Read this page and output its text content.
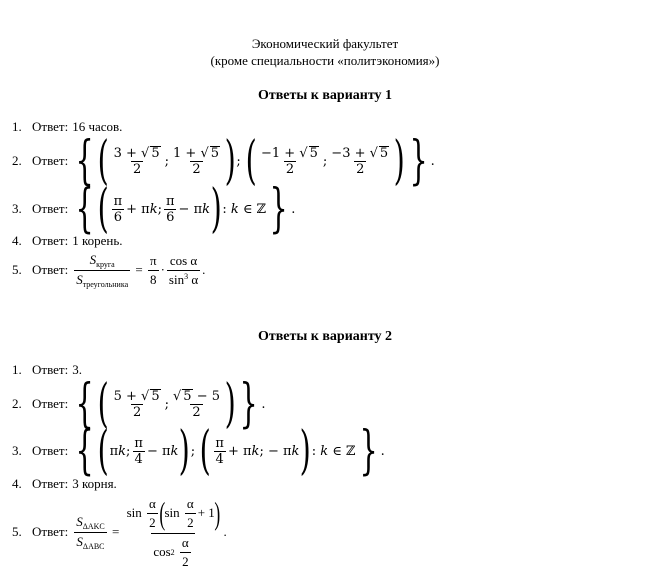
Экономический факультет
(кроме специальности «политэкономия»)
Ответы к варианту 1
1. Ответ: 16 часов.
2. Ответ: { ( $\frac{3 + √ 5}{2}$ ; $\frac{1 + √ 5}{2}$ ) ; ( $\frac{-1 + √ 5}{2}$ ; $\frac{-3 + √ 5}{2}$ ) } .
3. Ответ: { ( $\frac{\pi}{6} + \pi$ k ; $\frac{\pi}{6} - \pi$ k ) : k ∈ ℤ } .
4. Ответ: 1 корень.
5. Ответ: $\frac{S_{круга}}{S_{треугольника}} = \frac{\pi}{8} \cdot \frac{\text{cos α}}{\sin^3 \alpha}$ .
Ответы к варианту 2
1. Ответ: 3.
2. Ответ: { ( $\frac{5 + √ 5}{2}$ ; $\frac{√ 5 - 5}{2}$ ) } .
3. Ответ: { ( π k ; $\frac{\pi}{4} - \pi$ k ) ; ( $\frac{\pi}{4} + \pi$ k ; − π k ) : k ∈ ℤ } .
4. Ответ: 3 корня.
5. Ответ: $\frac{S_{\Delta AKC}}{S_{\Delta ABC}} = \sin \frac{\alpha}{2}$ ( $\sin \frac{\alpha}{2} + 1$ )
cos 2
$\frac{\alpha}{2}$ .
